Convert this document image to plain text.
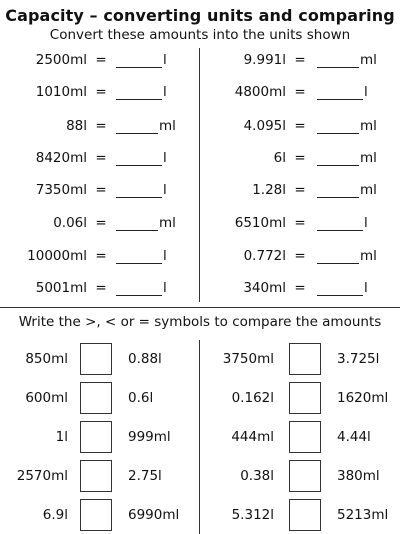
Capacity – converting units and comparing
Convert these amounts into the units shown
2500ml =	l
1010ml =	l
88l =	ml
8420ml =	l
7350ml =	l
0.06l =	ml
10000ml =	l
5001ml =	l
9.991l =	ml
4800ml =	l
4.095l =	ml
6l =	ml
1.28l =	ml
6510ml =	l
0.772l =	ml
340ml =	l
Write the >, < or = symbols to compare the amounts
850ml	0.88l
600ml	0.6l
1l	999ml
2570ml	2.75l
6.9l	6990ml
3750ml	3.725l
0.162l	1620ml
444ml	4.44l
0.38l	380ml
5.312l	5213ml
